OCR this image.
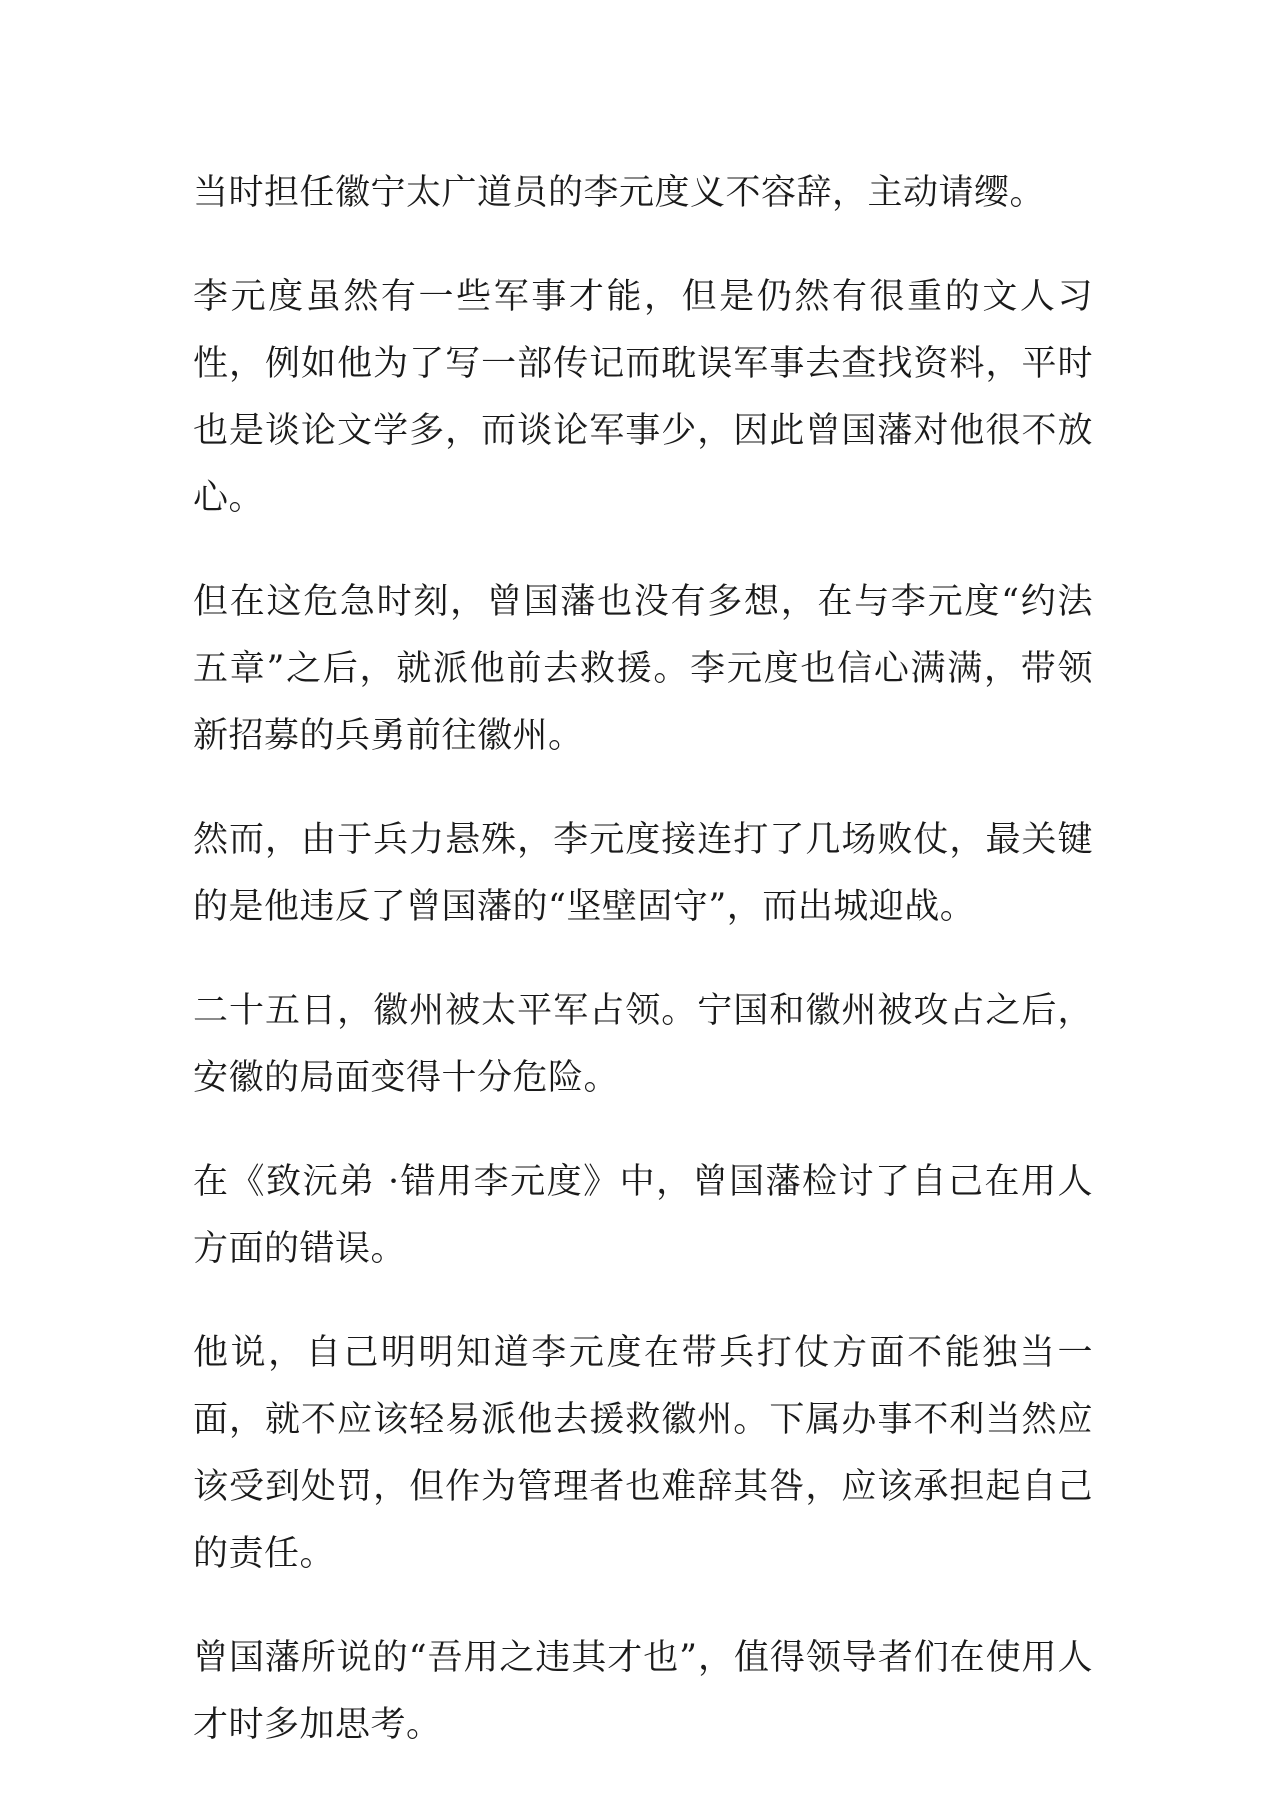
当时担任徽宁太广道员的李元度义不容辞，主动请缨。

李元度虽然有一些军事才能，但是仍然有很重的文人习性，例如他为了写一部传记而耽误军事去查找资料，平时也是谈论文学多，而谈论军事少，因此曾国藩对他很不放心。

但在这危急时刻，曾国藩也没有多想，在与李元度“约法五章”之后，就派他前去救援。李元度也信心满满，带领新招募的兵勇前往徽州。

然而，由于兵力悬殊，李元度接连打了几场败仗，最关键的是他违反了曾国藩的“坚壁固守”，而出城迎战。

二十五日，徽州被太平军占领。宁国和徽州被攻占之后，安徽的局面变得十分危险。

在《致沅弟 ·错用李元度》中，曾国藩检讨了自己在用人方面的错误。

他说，自己明明知道李元度在带兵打仗方面不能独当一面，就不应该轻易派他去援救徽州。下属办事不利当然应该受到处罚，但作为管理者也难辞其咎，应该承担起自己的责任。

曾国藩所说的“吾用之违其才也”，值得领导者们在使用人才时多加思考。
